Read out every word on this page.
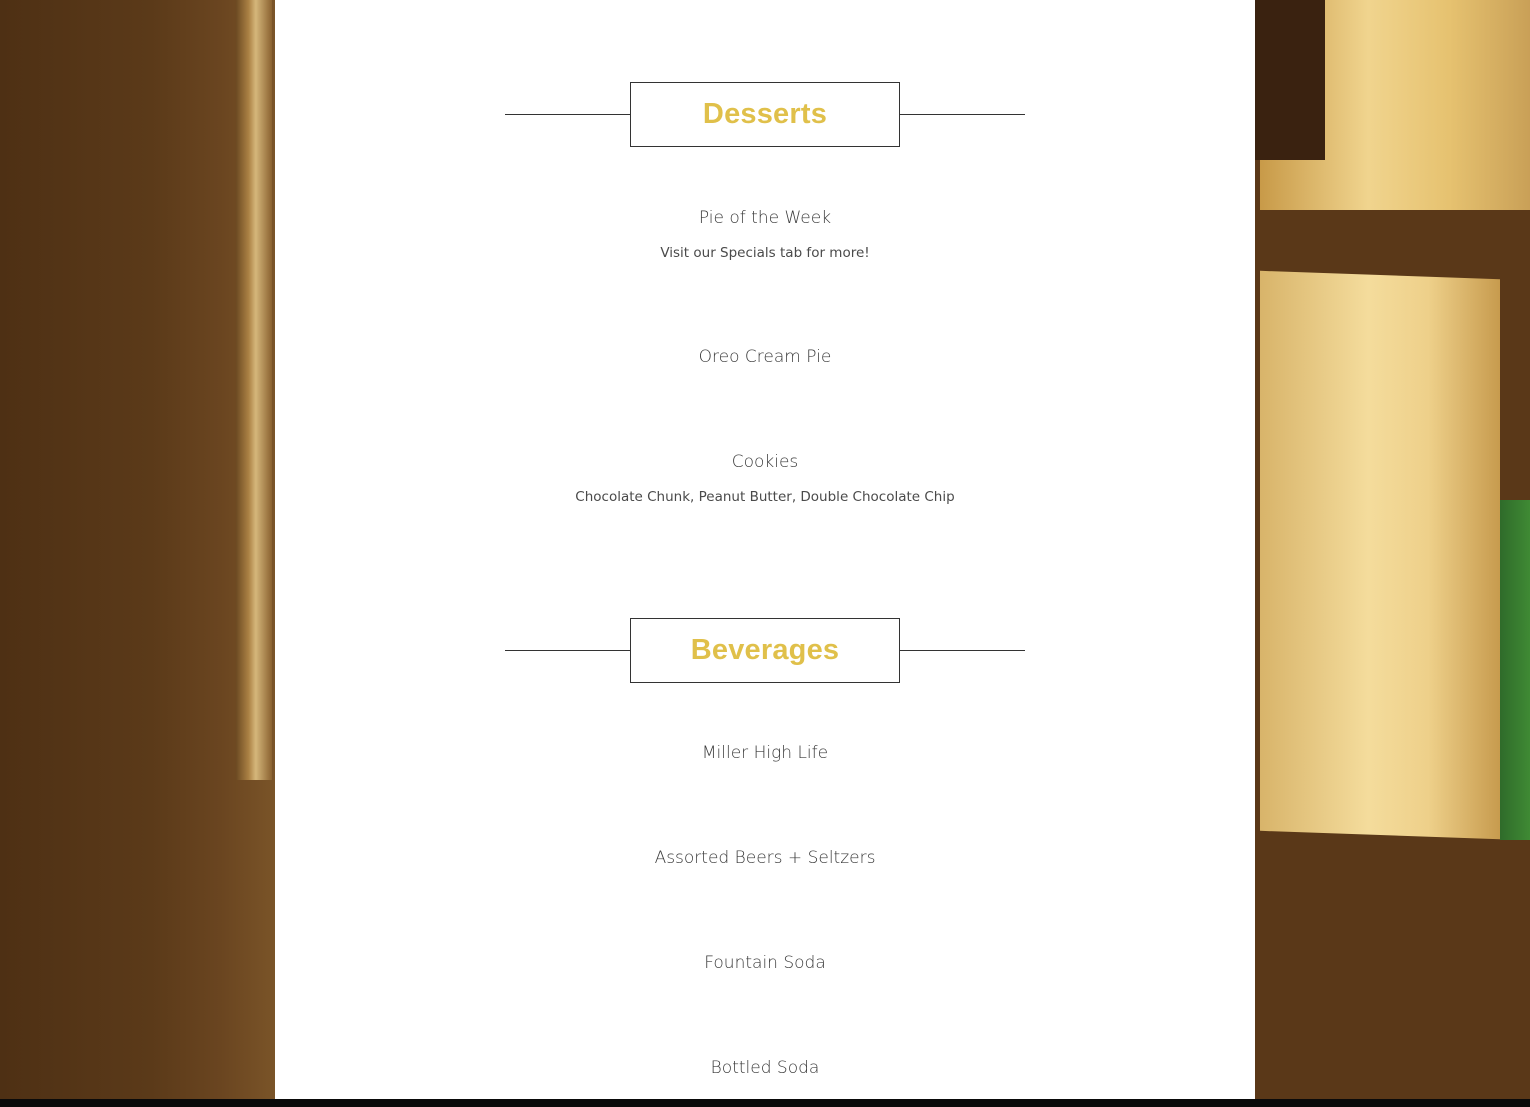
Desserts
Pie of the Week
Visit our Specials tab for more!
Oreo Cream Pie
Cookies
Chocolate Chunk, Peanut Butter, Double Chocolate Chip
Beverages
Miller High Life
Assorted Beers + Seltzers
Fountain Soda
Bottled Soda
